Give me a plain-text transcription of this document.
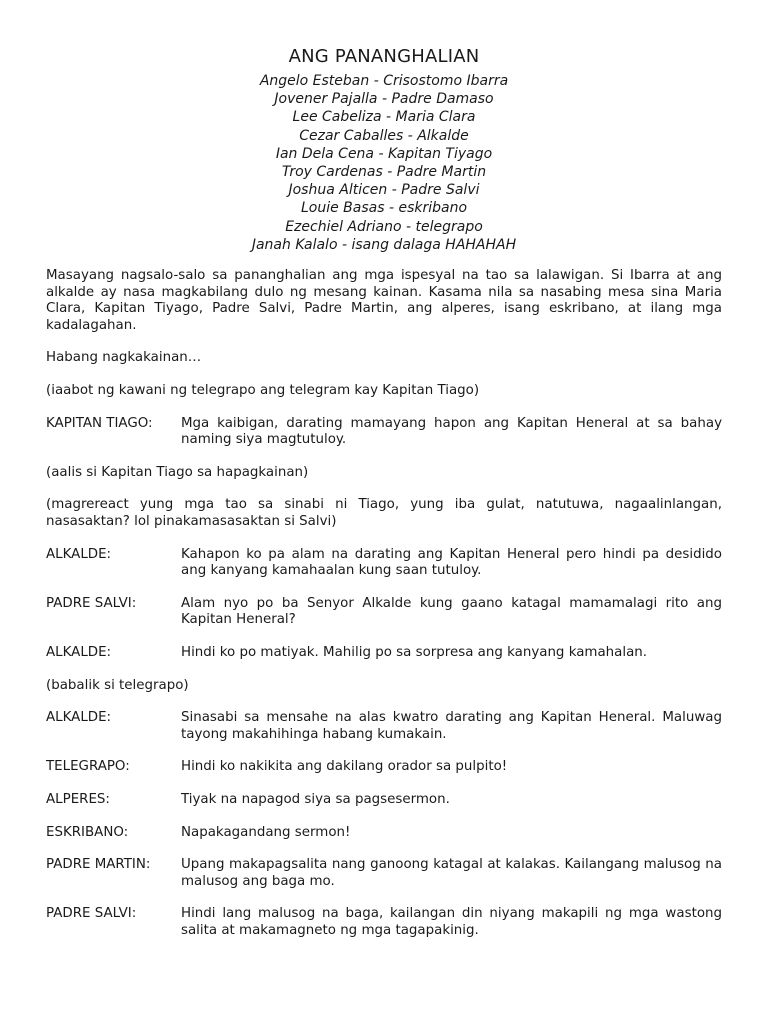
ANG PANANGHALIAN
Angelo Esteban - Crisostomo Ibarra
Jovener Pajalla - Padre Damaso
Lee Cabeliza - Maria Clara
Cezar Caballes - Alkalde
Ian Dela Cena - Kapitan Tiyago
Troy Cardenas - Padre Martin
Joshua Alticen - Padre Salvi
Louie Basas - eskribano
Ezechiel Adriano - telegrapo
Janah Kalalo - isang dalaga HAHAHAH

Masayang nagsalo-salo sa pananghalian ang mga ispesyal na tao sa lalawigan. Si Ibarra at ang alkalde ay nasa magkabilang dulo ng mesang kainan. Kasama nila sa nasabing mesa sina Maria Clara, Kapitan Tiyago, Padre Salvi, Padre Martin, ang alperes, isang eskribano, at ilang mga kadalagahan.

Habang nagkakainan…

(iaabot ng kawani ng telegrapo ang telegram kay Kapitan Tiago)

KAPITAN TIAGO:	Mga kaibigan, darating mamayang hapon ang Kapitan Heneral at sa bahay naming siya magtutuloy.

(aalis si Kapitan Tiago sa hapagkainan)

(magrereact yung mga tao sa sinabi ni Tiago, yung iba gulat, natutuwa, nagaalinlangan, nasasaktan? lol pinakamasasaktan si Salvi)

ALKALDE:	Kahapon ko pa alam na darating ang Kapitan Heneral pero hindi pa desidido ang kanyang kamahaalan kung saan tutuloy.
PADRE SALVI:	Alam nyo po ba Senyor Alkalde kung gaano katagal mamamalagi rito ang Kapitan Heneral?
ALKALDE:	Hindi ko po matiyak. Mahilig po sa sorpresa ang kanyang kamahalan.

(babalik si telegrapo)

ALKALDE:	Sinasabi sa mensahe na alas kwatro darating ang Kapitan Heneral. Maluwag tayong makahihinga habang kumakain.
TELEGRAPO:	Hindi ko nakikita ang dakilang orador sa pulpito!
ALPERES:	Tiyak na napagod siya sa pagsesermon.
ESKRIBANO:	Napakagandang sermon!
PADRE MARTIN:	Upang makapagsalita nang ganoong katagal at kalakas. Kailangang malusog na malusog ang baga mo.
PADRE SALVI:	Hindi lang malusog na baga, kailangan din niyang makapili ng mga wastong salita at makamagneto ng mga tagapakinig.
